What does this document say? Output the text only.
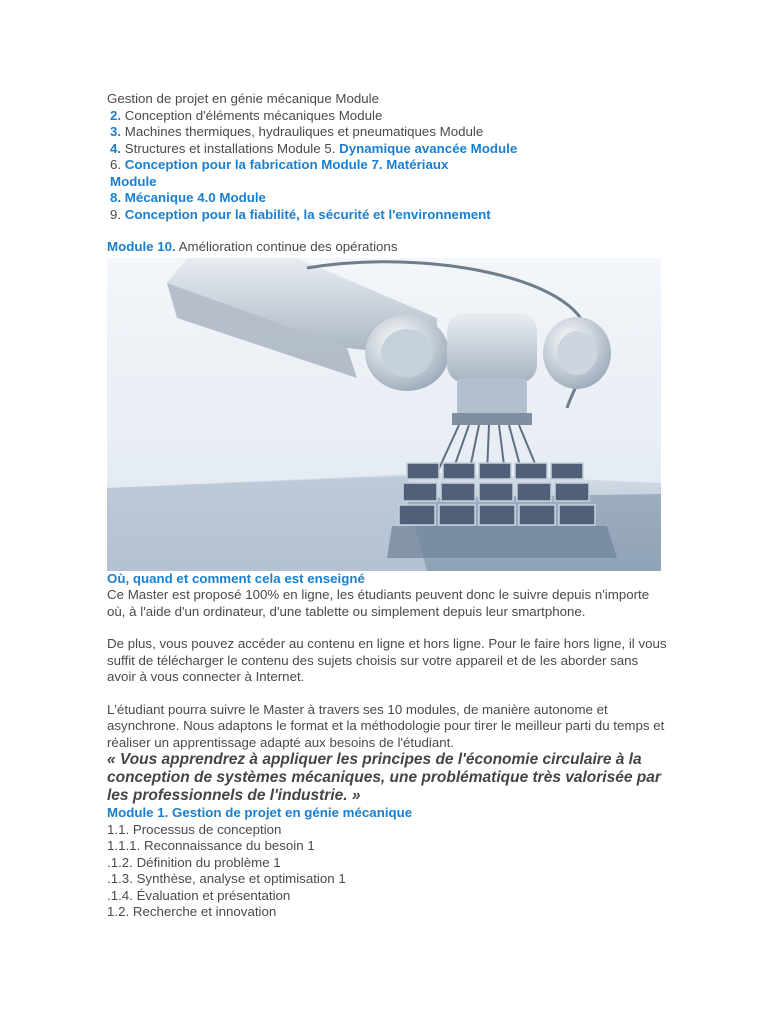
Gestion de projet en génie mécanique Module
2. Conception d'éléments mécaniques Module
3. Machines thermiques, hydrauliques et pneumatiques Module
4. Structures et installations Module 5. Dynamique avancée Module
6. Conception pour la fabrication Module 7. Matériaux
Module
8. Mécanique 4.0 Module
9. Conception pour la fiabilité, la sécurité et l'environnement
Module 10. Amélioration continue des opérations
Où, quand et comment cela est enseigné

Ce Master est proposé 100% en ligne, les étudiants peuvent donc le suivre depuis n'importe où, à l'aide d'un ordinateur, d'une tablette ou simplement depuis leur smartphone.

De plus, vous pouvez accéder au contenu en ligne et hors ligne. Pour le faire hors ligne, il vous suffit de télécharger le contenu des sujets choisis sur votre appareil et de les aborder sans avoir à vous connecter à Internet.

L'étudiant pourra suivre le Master à travers ses 10 modules, de manière autonome et asynchrone. Nous adaptons le format et la méthodologie pour tirer le meilleur parti du temps et réaliser un apprentissage adapté aux besoins de l'étudiant.

« Vous apprendrez à appliquer les principes de l'économie circulaire à la conception de systèmes mécaniques, une problématique très valorisée par les professionnels de l'industrie. »

Module 1. Gestion de projet en génie mécanique
1.1. Processus de conception
1.1.1. Reconnaissance du besoin 1
.1.2. Définition du problème 1
.1.3. Synthèse, analyse et optimisation 1
.1.4. Évaluation et présentation
1.2. Recherche et innovation
